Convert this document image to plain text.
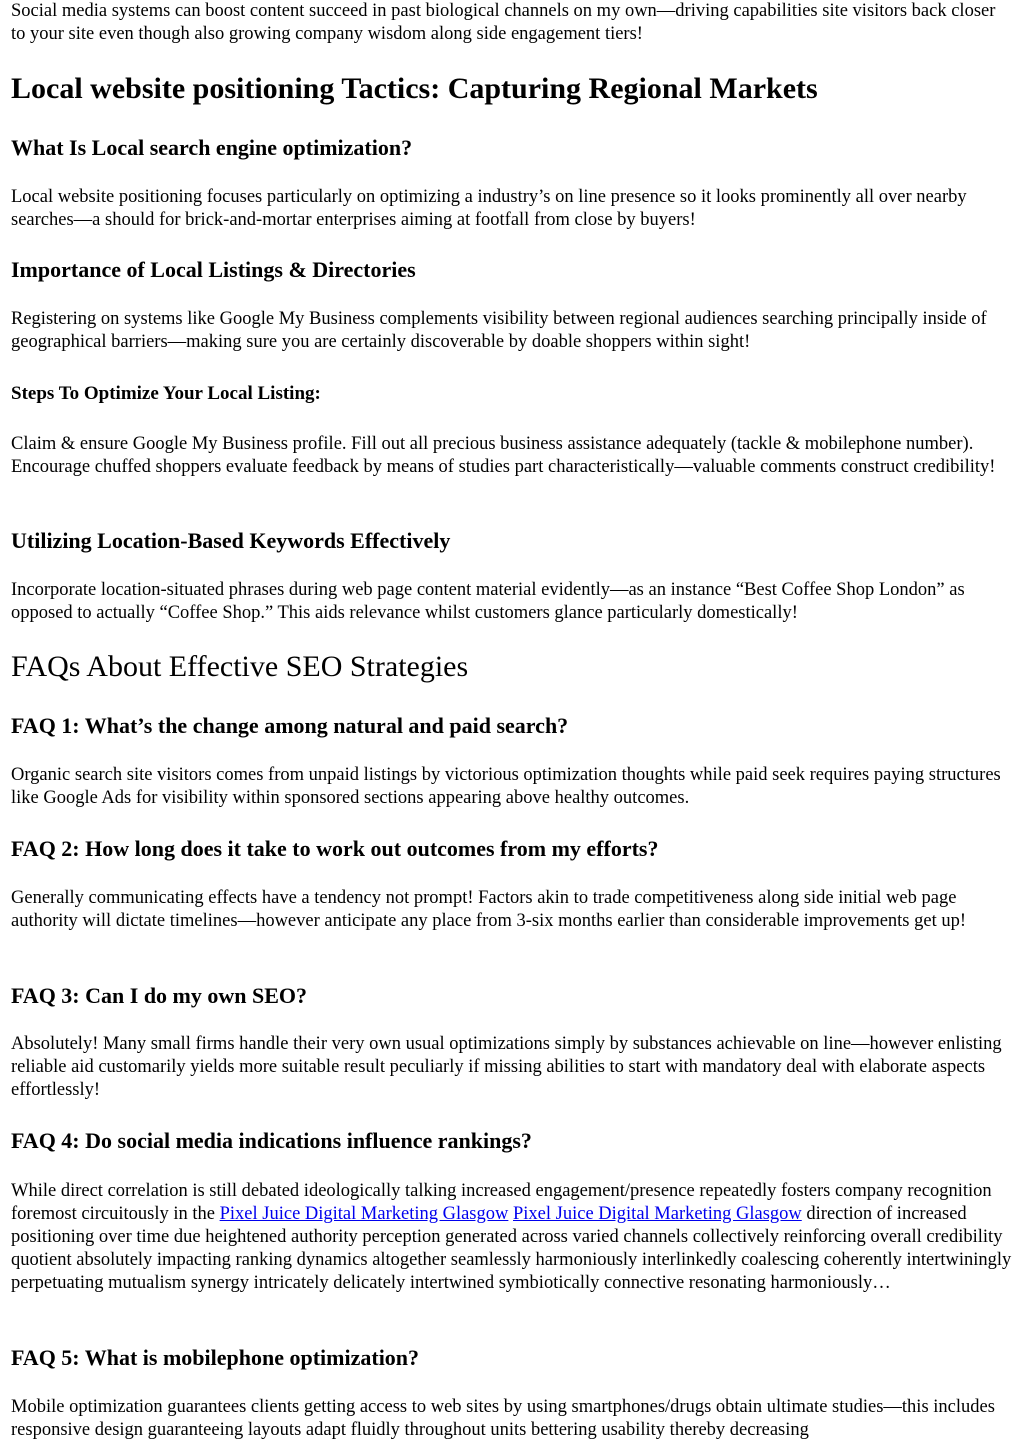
Social media systems can boost content succeed in past biological channels on my own—driving capabilities site visitors back closer to your site even though also growing company wisdom along side engagement tiers!

Local website positioning Tactics: Capturing Regional Markets
What Is Local search engine optimization?

Local website positioning focuses particularly on optimizing a industry’s on line presence so it looks prominently all over nearby searches—a should for brick-and-mortar enterprises aiming at footfall from close by buyers!

Importance of Local Listings & Directories

Registering on systems like Google My Business complements visibility between regional audiences searching principally inside of geographical barriers—making sure you are certainly discoverable by doable shoppers within sight!

Steps To Optimize Your Local Listing:

Claim & ensure Google My Business profile. Fill out all precious business assistance adequately (tackle & mobilephone number). Encourage chuffed shoppers evaluate feedback by means of studies part characteristically—valuable comments construct credibility!

Utilizing Location-Based Keywords Effectively

Incorporate location-situated phrases during web page content material evidently—as an instance “Best Coffee Shop London” as opposed to actually “Coffee Shop.” This aids relevance whilst customers glance particularly domestically!

FAQs About Effective SEO Strategies
FAQ 1: What’s the change among natural and paid search?

Organic search site visitors comes from unpaid listings by victorious optimization thoughts while paid seek requires paying structures like Google Ads for visibility within sponsored sections appearing above healthy outcomes.

FAQ 2: How long does it take to work out outcomes from my efforts?

Generally communicating effects have a tendency not prompt! Factors akin to trade competitiveness along side initial web page authority will dictate timelines—however anticipate any place from 3-six months earlier than considerable improvements get up!

FAQ 3: Can I do my own SEO?

Absolutely! Many small firms handle their very own usual optimizations simply by substances achievable on line—however enlisting reliable aid customarily yields more suitable result peculiarly if missing abilities to start with mandatory deal with elaborate aspects effortlessly!

FAQ 4: Do social media indications influence rankings?

While direct correlation is still debated ideologically talking increased engagement/presence repeatedly fosters company recognition foremost circuitously in the Pixel Juice Digital Marketing Glasgow Pixel Juice Digital Marketing Glasgow direction of increased positioning over time due heightened authority perception generated across varied channels collectively reinforcing overall credibility quotient absolutely impacting ranking dynamics altogether seamlessly harmoniously interlinkedly coalescing coherently intertwiningly perpetuating mutualism synergy intricately delicately intertwined symbiotically connective resonating harmoniously…

FAQ 5: What is mobilephone optimization?

Mobile optimization guarantees clients getting access to web sites by using smartphones/drugs obtain ultimate studies—this includes responsive design guaranteeing layouts adapt fluidly throughout units bettering usability thereby decreasing
